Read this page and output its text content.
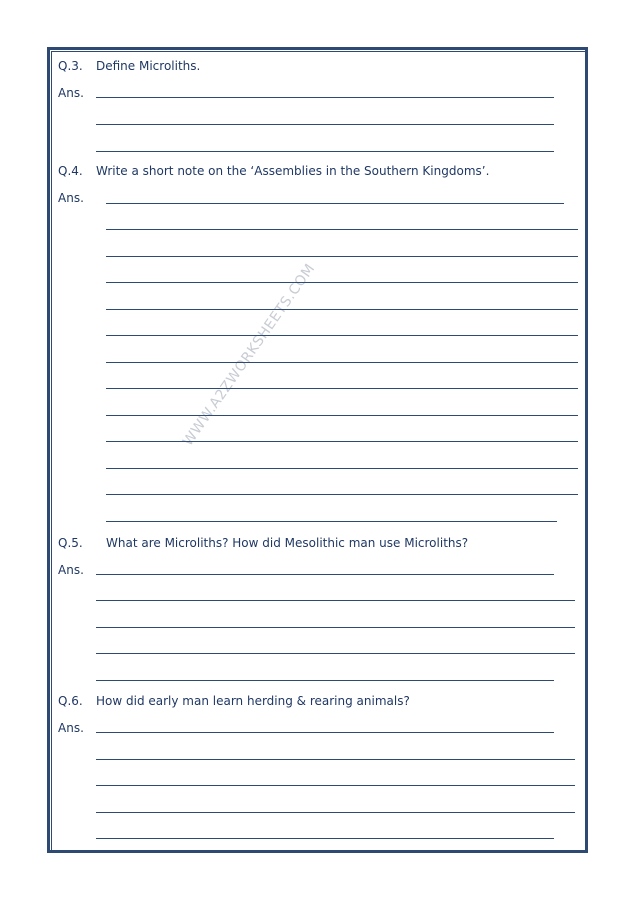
WWW.A2ZWORKSHEETS.COM
Q.3. Define Microliths.
Ans.
Q.4. Write a short note on the ‘Assemblies in the Southern Kingdoms’.
Ans.
Q.5. What are Microliths? How did Mesolithic man use Microliths?
Ans.
Q.6. How did early man learn herding & rearing animals?
Ans.
